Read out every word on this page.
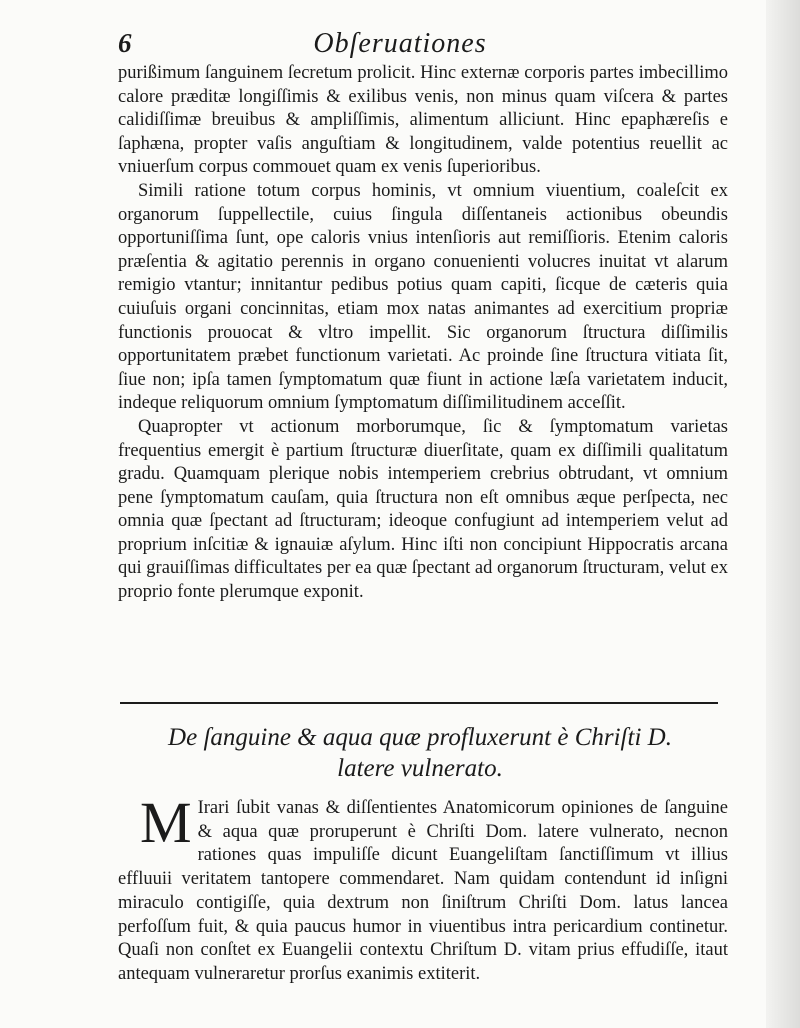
6	Obſeruationes

purißimum ſanguinem ſecretum prolicit. Hinc externæ corporis partes imbecillimo calore præditæ longiſſimis & exilibus venis, non minus quam viſcera & partes calidiſſimæ breuibus & ampliſſimis, alimentum alliciunt. Hinc epaphæreſis e ſaphæna, propter vaſis anguſtiam & longitudinem, valde potentius reuellit ac vniuerſum corpus commouet quam ex venis ſuperioribus.

Simili ratione totum corpus hominis, vt omnium viuentium, coaleſcit ex organorum ſuppellectile, cuius ſingula diſſentaneis actionibus obeundis opportuniſſima ſunt, ope caloris vnius intenſioris aut remiſſioris. Etenim caloris præſentia & agitatio perennis in organo conuenienti volucres inuitat vt alarum remigio vtantur; innitantur pedibus potius quam capiti, ſicque de cæteris quia cuiuſuis organi concinnitas, etiam mox natas animantes ad exercitium propriæ functionis prouocat & vltro impellit. Sic organorum ſtructura diſſimilis opportunitatem præbet functionum varietati. Ac proinde ſine ſtructura vitiata ſit, ſiue non; ipſa tamen ſymptomatum quæ fiunt in actione læſa varietatem inducit, indeque reliquorum omnium ſymptomatum diſſimilitudinem acceſſit.

Quapropter vt actionum morborumque, ſic & ſymptomatum varietas frequentius emergit è partium ſtructuræ diuerſitate, quam ex diſſimili qualitatum gradu. Quamquam plerique nobis intemperiem crebrius obtrudant, vt omnium pene ſymptomatum cauſam, quia ſtructura non eſt omnibus æque perſpecta, nec omnia quæ ſpectant ad ſtructuram; ideoque confugiunt ad intemperiem velut ad proprium inſcitiæ & ignauiæ aſylum. Hinc iſti non concipiunt Hippocratis arcana qui grauiſſimas difficultates per ea quæ ſpectant ad organorum ſtructuram, velut ex proprio fonte plerumque exponit.

De ſanguine & aqua quæ profluxerunt è Chriſti D.
latere vulnerato.
M Irari ſubit vanas & diſſentientes Anatomicorum opiniones de ſanguine & aqua quæ proruperunt è Chriſti Dom. latere vulnerato, necnon rationes quas impuliſſe dicunt Euangeliſtam ſanctiſſimum vt illius effluuii veritatem tantopere commendaret. Nam quidam contendunt id inſigni miraculo contigiſſe, quia dextrum non ſiniſtrum Chriſti Dom. latus lancea perfoſſum fuit, & quia paucus humor in viuentibus intra pericardium continetur. Quaſi non conſtet ex Euangelii contextu Chriſtum D. vitam prius effudiſſe, itaut antequam vulneraretur prorſus exanimis extiterit.
